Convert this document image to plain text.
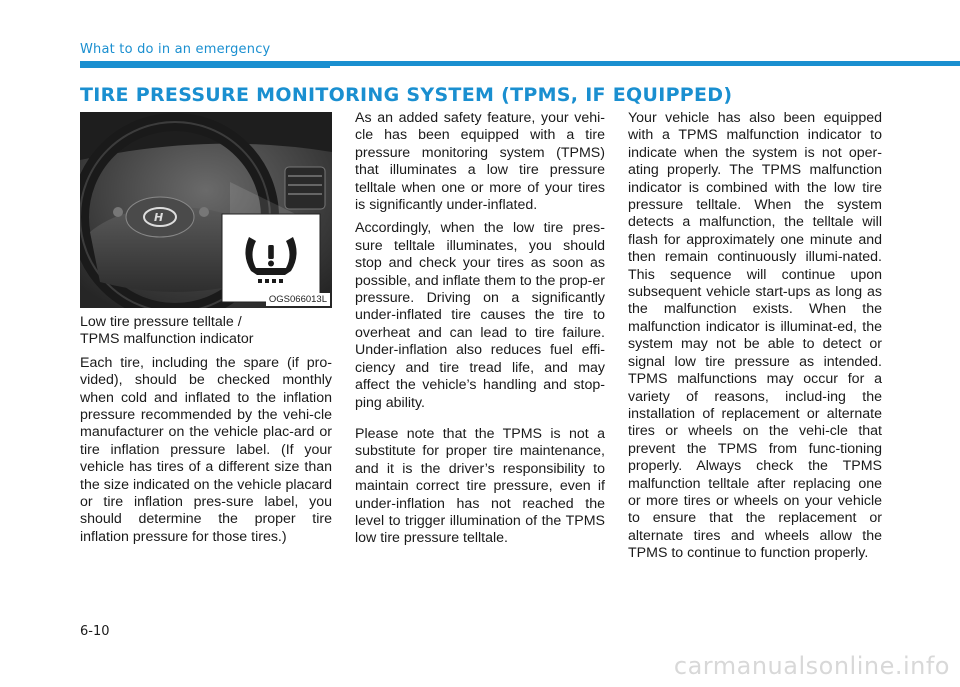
What to do in an emergency
TIRE PRESSURE MONITORING SYSTEM (TPMS, IF EQUIPPED)
H
OGS066013L

Low tire pressure telltale /
TPMS malfunction indicator

Each tire, including the spare (if pro-vided), should be checked monthly when cold and inflated to the inflation pressure recommended by the vehi-cle manufacturer on the vehicle plac-ard or tire inflation pressure label. (If your vehicle has tires of a different size than the size indicated on the vehicle placard or tire inflation pres-sure label, you should determine the proper tire inflation pressure for those tires.)

As an added safety feature, your vehi-cle has been equipped with a tire pressure monitoring system (TPMS) that illuminates a low tire pressure telltale when one or more of your tires is significantly under-inflated.

Accordingly, when the low tire pres-sure telltale illuminates, you should stop and check your tires as soon as possible, and inflate them to the prop-er pressure. Driving on a significantly under-inflated tire causes the tire to overheat and can lead to tire failure. Under-inflation also reduces fuel effi-ciency and tire tread life, and may affect the vehicle’s handling and stop-ping ability.

Please note that the TPMS is not a substitute for proper tire maintenance, and it is the driver’s responsibility to maintain correct tire pressure, even if under-inflation has not reached the level to trigger illumination of the TPMS low tire pressure telltale.

Your vehicle has also been equipped with a TPMS malfunction indicator to indicate when the system is not oper-ating properly. The TPMS malfunction indicator is combined with the low tire pressure telltale. When the system detects a malfunction, the telltale will flash for approximately one minute and then remain continuously illumi-nated. This sequence will continue upon subsequent vehicle start-ups as long as the malfunction exists. When the malfunction indicator is illuminat-ed, the system may not be able to detect or signal low tire pressure as intended. TPMS malfunctions may occur for a variety of reasons, includ-ing the installation of replacement or alternate tires or wheels on the vehi-cle that prevent the TPMS from func-tioning properly. Always check the TPMS malfunction telltale after replacing one or more tires or wheels on your vehicle to ensure that the replacement or alternate tires and wheels allow the TPMS to continue to function properly.

6-10
carmanualsonline.info
